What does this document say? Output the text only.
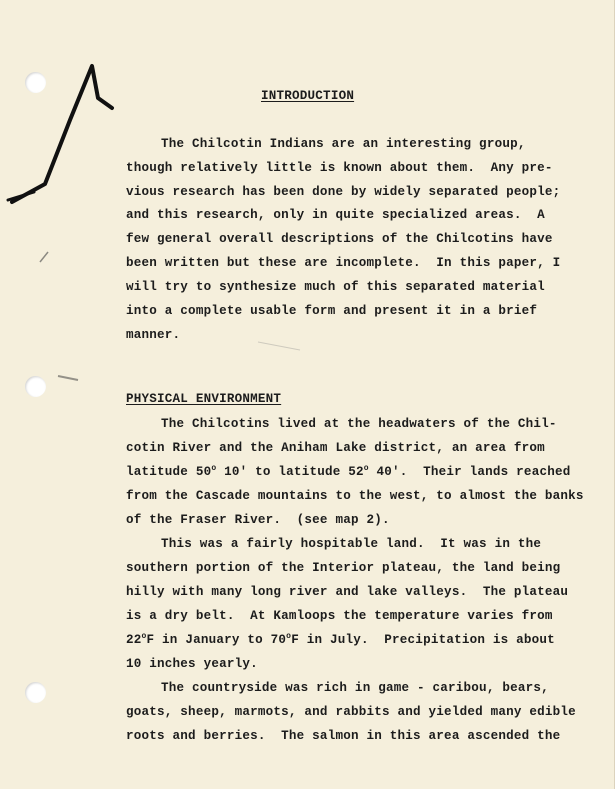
INTRODUCTION
The Chilcotin Indians are an interesting group,
though relatively little is known about them.  Any pre-
vious research has been done by widely separated people;
and this research, only in quite specialized areas.  A
few general overall descriptions of the Chilcotins have
been written but these are incomplete.  In this paper, I
will try to synthesize much of this separated material
into a complete usable form and present it in a brief
manner.
PHYSICAL ENVIRONMENT
The Chilcotins lived at the headwaters of the Chil-
cotin River and the Aniham Lake district, an area from
latitude 50$^o$ 10' to latitude 52$^o$ 40'.  Their lands reached
from the Cascade mountains to the west, to almost the banks
of the Fraser River.  (see map 2).
This was a fairly hospitable land.  It was in the
southern portion of the Interior plateau, the land being
hilly with many long river and lake valleys.  The plateau
is a dry belt.  At Kamloops the temperature varies from
22$^o$F in January to 70$^o$F in July.  Precipitation is about
10 inches yearly.
The countryside was rich in game - caribou, bears,
goats, sheep, marmots, and rabbits and yielded many edible
roots and berries.  The salmon in this area ascended the
